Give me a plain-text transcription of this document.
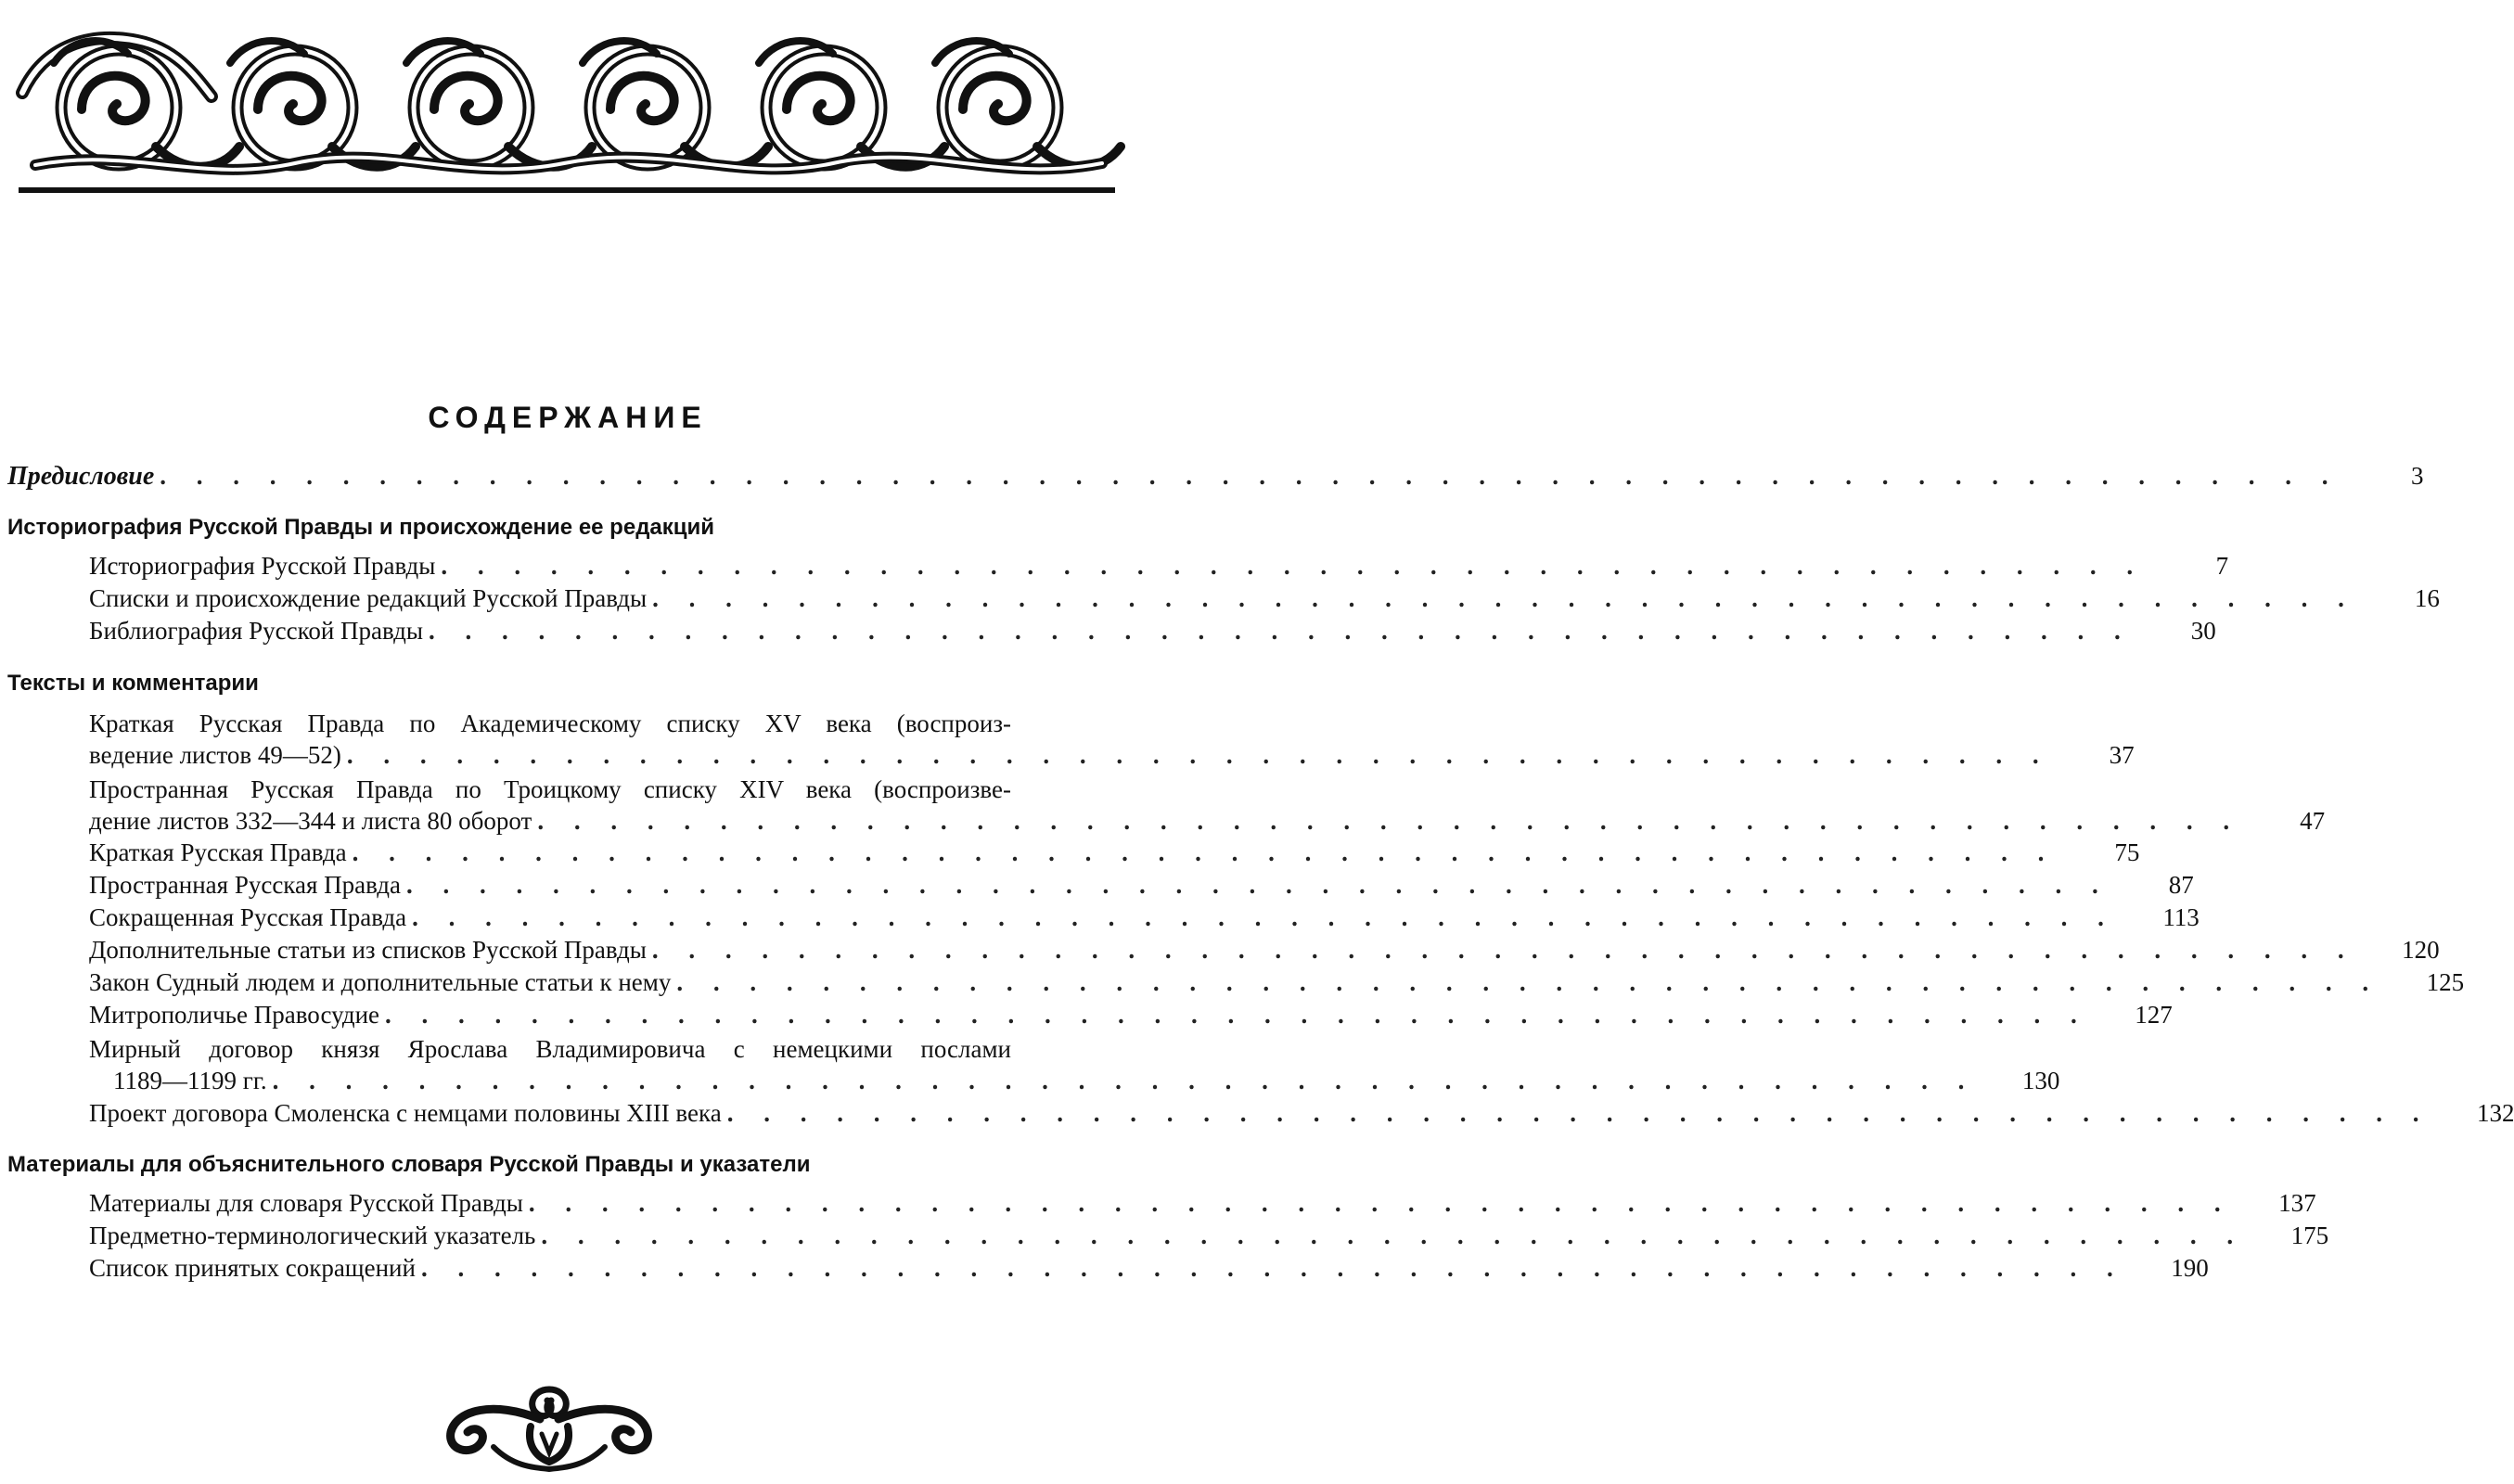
СОДЕРЖАНИЕ
Предисловие . . . . . . . . . . . . . . . . . . . . . . . . . . . . . . . . . . . . . . . . . . . . . . . . . . . . . . . . . . . .	3
Историография Русской Правды и происхождение ее редакций
Историография Русской Правды . . . . . . . . . . . . . . . . . . . . . . . . . . . . . . . . . . . . . . . . . . . . . . .	7
Списки и происхождение редакций Русской Правды . . . . . . . . . . . . . . . . . . . . . . . . . . . . . . . . . . . . . . . . . . . . . . .	16
Библиография Русской Правды . . . . . . . . . . . . . . . . . . . . . . . . . . . . . . . . . . . . . . . . . . . . . . .	30
Тексты и комментарии
Краткая Русская Правда по Академическому списку XV века (воспроиз-
ведение листов 49—52) . . . . . . . . . . . . . . . . . . . . . . . . . . . . . . . . . . . . . . . . . . . . . . .	37
Пространная Русская Правда по Троицкому списку XIV века (воспроизве-
дение листов 332—344 и листа 80 оборот . . . . . . . . . . . . . . . . . . . . . . . . . . . . . . . . . . . . . . . . . . . . . . .	47
Краткая Русская Правда . . . . . . . . . . . . . . . . . . . . . . . . . . . . . . . . . . . . . . . . . . . . . . .	75
Пространная Русская Правда . . . . . . . . . . . . . . . . . . . . . . . . . . . . . . . . . . . . . . . . . . . . . . .	87
Сокращенная Русская Правда . . . . . . . . . . . . . . . . . . . . . . . . . . . . . . . . . . . . . . . . . . . . . . .	113
Дополнительные статьи из списков Русской Правды . . . . . . . . . . . . . . . . . . . . . . . . . . . . . . . . . . . . . . . . . . . . . . .	120
Закон Судный людем и дополнительные статьи к нему . . . . . . . . . . . . . . . . . . . . . . . . . . . . . . . . . . . . . . . . . . . . . . .	125
Митрополичье Правосудие . . . . . . . . . . . . . . . . . . . . . . . . . . . . . . . . . . . . . . . . . . . . . . .	127
Мирный договор князя Ярослава Владимировича с немецкими послами
1189—1199 гг. . . . . . . . . . . . . . . . . . . . . . . . . . . . . . . . . . . . . . . . . . . . . . . .	130
Проект договора Смоленска с немцами половины XIII века . . . . . . . . . . . . . . . . . . . . . . . . . . . . . . . . . . . . . . . . . . . . . . .	132
Материалы для объяснительного словаря Русской Правды и указатели
Материалы для словаря Русской Правды . . . . . . . . . . . . . . . . . . . . . . . . . . . . . . . . . . . . . . . . . . . . . . .	137
Предметно-терминологический указатель . . . . . . . . . . . . . . . . . . . . . . . . . . . . . . . . . . . . . . . . . . . . . . .	175
Список принятых сокращений . . . . . . . . . . . . . . . . . . . . . . . . . . . . . . . . . . . . . . . . . . . . . . .	190
